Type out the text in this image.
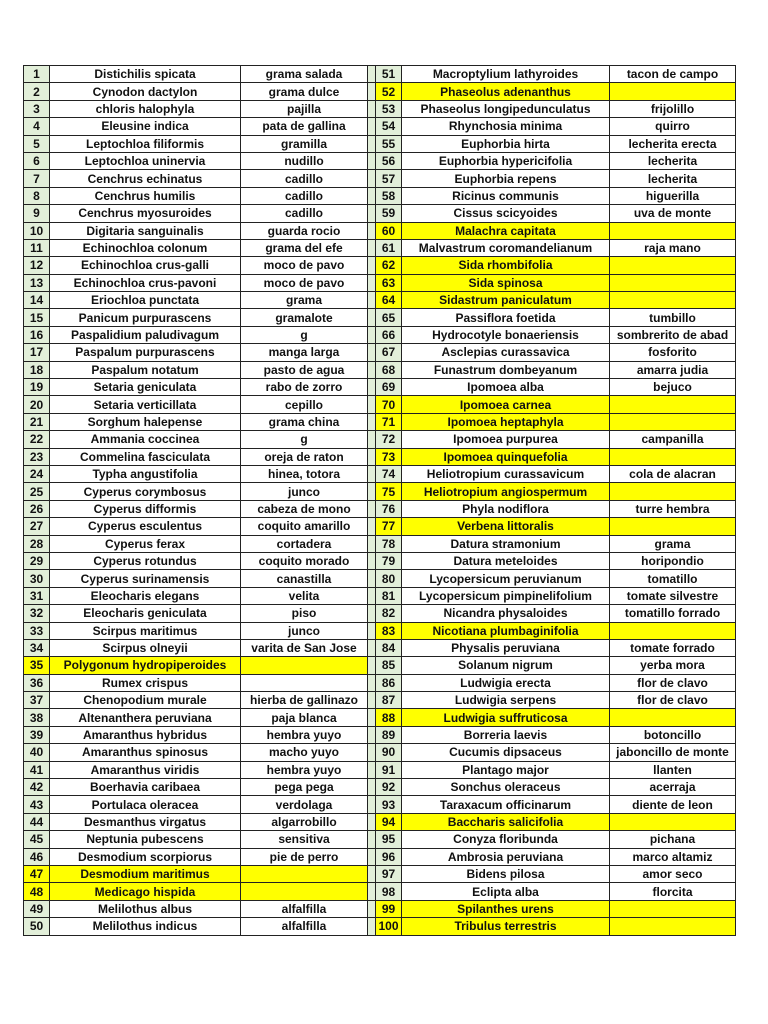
1	Distichilis spicata	grama salada		51	Macroptylium lathyroides	tacon de campo
2	Cynodon dactylon	grama dulce		52	Phaseolus adenanthus	
3	chloris halophyla	pajilla		53	Phaseolus longipedunculatus	frijolillo
4	Eleusine indica	pata de gallina		54	Rhynchosia minima	quirro
5	Leptochloa filiformis	gramilla		55	Euphorbia hirta	lecherita erecta
6	Leptochloa uninervia	nudillo		56	Euphorbia hypericifolia	lecherita
7	Cenchrus echinatus	cadillo		57	Euphorbia repens	lecherita
8	Cenchrus humilis	cadillo		58	Ricinus communis	higuerilla
9	Cenchrus myosuroides	cadillo		59	Cissus scicyoides	uva de monte
10	Digitaria sanguinalis	guarda rocio		60	Malachra capitata	
11	Echinochloa colonum	grama del efe		61	Malvastrum coromandelianum	raja mano
12	Echinochloa crus-galli	moco de pavo		62	Sida rhombifolia	
13	Echinochloa crus-pavoni	moco de pavo		63	Sida spinosa	
14	Eriochloa punctata	grama		64	Sidastrum paniculatum	
15	Panicum purpurascens	gramalote		65	Passiflora foetida	tumbillo
16	Paspalidium paludivagum	g		66	Hydrocotyle bonaeriensis	sombrerito de abad
17	Paspalum purpurascens	manga larga		67	Asclepias curassavica	fosforito
18	Paspalum notatum	pasto de agua		68	Funastrum dombeyanum	amarra judia
19	Setaria geniculata	rabo de zorro		69	Ipomoea alba	bejuco
20	Setaria verticillata	cepillo		70	Ipomoea carnea	
21	Sorghum halepense	grama china		71	Ipomoea heptaphyla	
22	Ammania coccinea	g		72	Ipomoea purpurea	campanilla
23	Commelina fasciculata	oreja de raton		73	Ipomoea quinquefolia	
24	Typha angustifolia	hinea, totora		74	Heliotropium curassavicum	cola de alacran
25	Cyperus corymbosus	junco		75	Heliotropium angiospermum	
26	Cyperus difformis	cabeza de mono		76	Phyla nodiflora	turre hembra
27	Cyperus esculentus	coquito amarillo		77	Verbena littoralis	
28	Cyperus ferax	cortadera		78	Datura stramonium	grama
29	Cyperus rotundus	coquito morado		79	Datura meteloides	horipondio
30	Cyperus surinamensis	canastilla		80	Lycopersicum peruvianum	tomatillo
31	Eleocharis elegans	velita		81	Lycopersicum pimpinelifolium	tomate silvestre
32	Eleocharis geniculata	piso		82	Nicandra physaloides	tomatillo forrado
33	Scirpus maritimus	junco		83	Nicotiana plumbaginifolia	
34	Scirpus olneyii	varita de San Jose		84	Physalis peruviana	tomate forrado
35	Polygonum hydropiperoides			85	Solanum nigrum	yerba mora
36	Rumex crispus			86	Ludwigia erecta	flor de clavo
37	Chenopodium murale	hierba de gallinazo		87	Ludwigia serpens	flor de clavo
38	Altenanthera peruviana	paja blanca		88	Ludwigia suffruticosa	
39	Amaranthus hybridus	hembra yuyo		89	Borreria laevis	botoncillo
40	Amaranthus spinosus	macho yuyo		90	Cucumis dipsaceus	jaboncillo de monte
41	Amaranthus viridis	hembra yuyo		91	Plantago major	llanten
42	Boerhavia caribaea	pega pega		92	Sonchus oleraceus	acerraja
43	Portulaca oleracea	verdolaga		93	Taraxacum officinarum	diente de leon
44	Desmanthus virgatus	algarrobillo		94	Baccharis salicifolia	
45	Neptunia pubescens	sensitiva		95	Conyza floribunda	pichana
46	Desmodium scorpiorus	pie de perro		96	Ambrosia peruviana	marco altamiz
47	Desmodium maritimus			97	Bidens pilosa	amor seco
48	Medicago hispida			98	Eclipta alba	florcita
49	Melilothus albus	alfalfilla		99	Spilanthes urens	
50	Melilothus indicus	alfalfilla		100	Tribulus terrestris	
